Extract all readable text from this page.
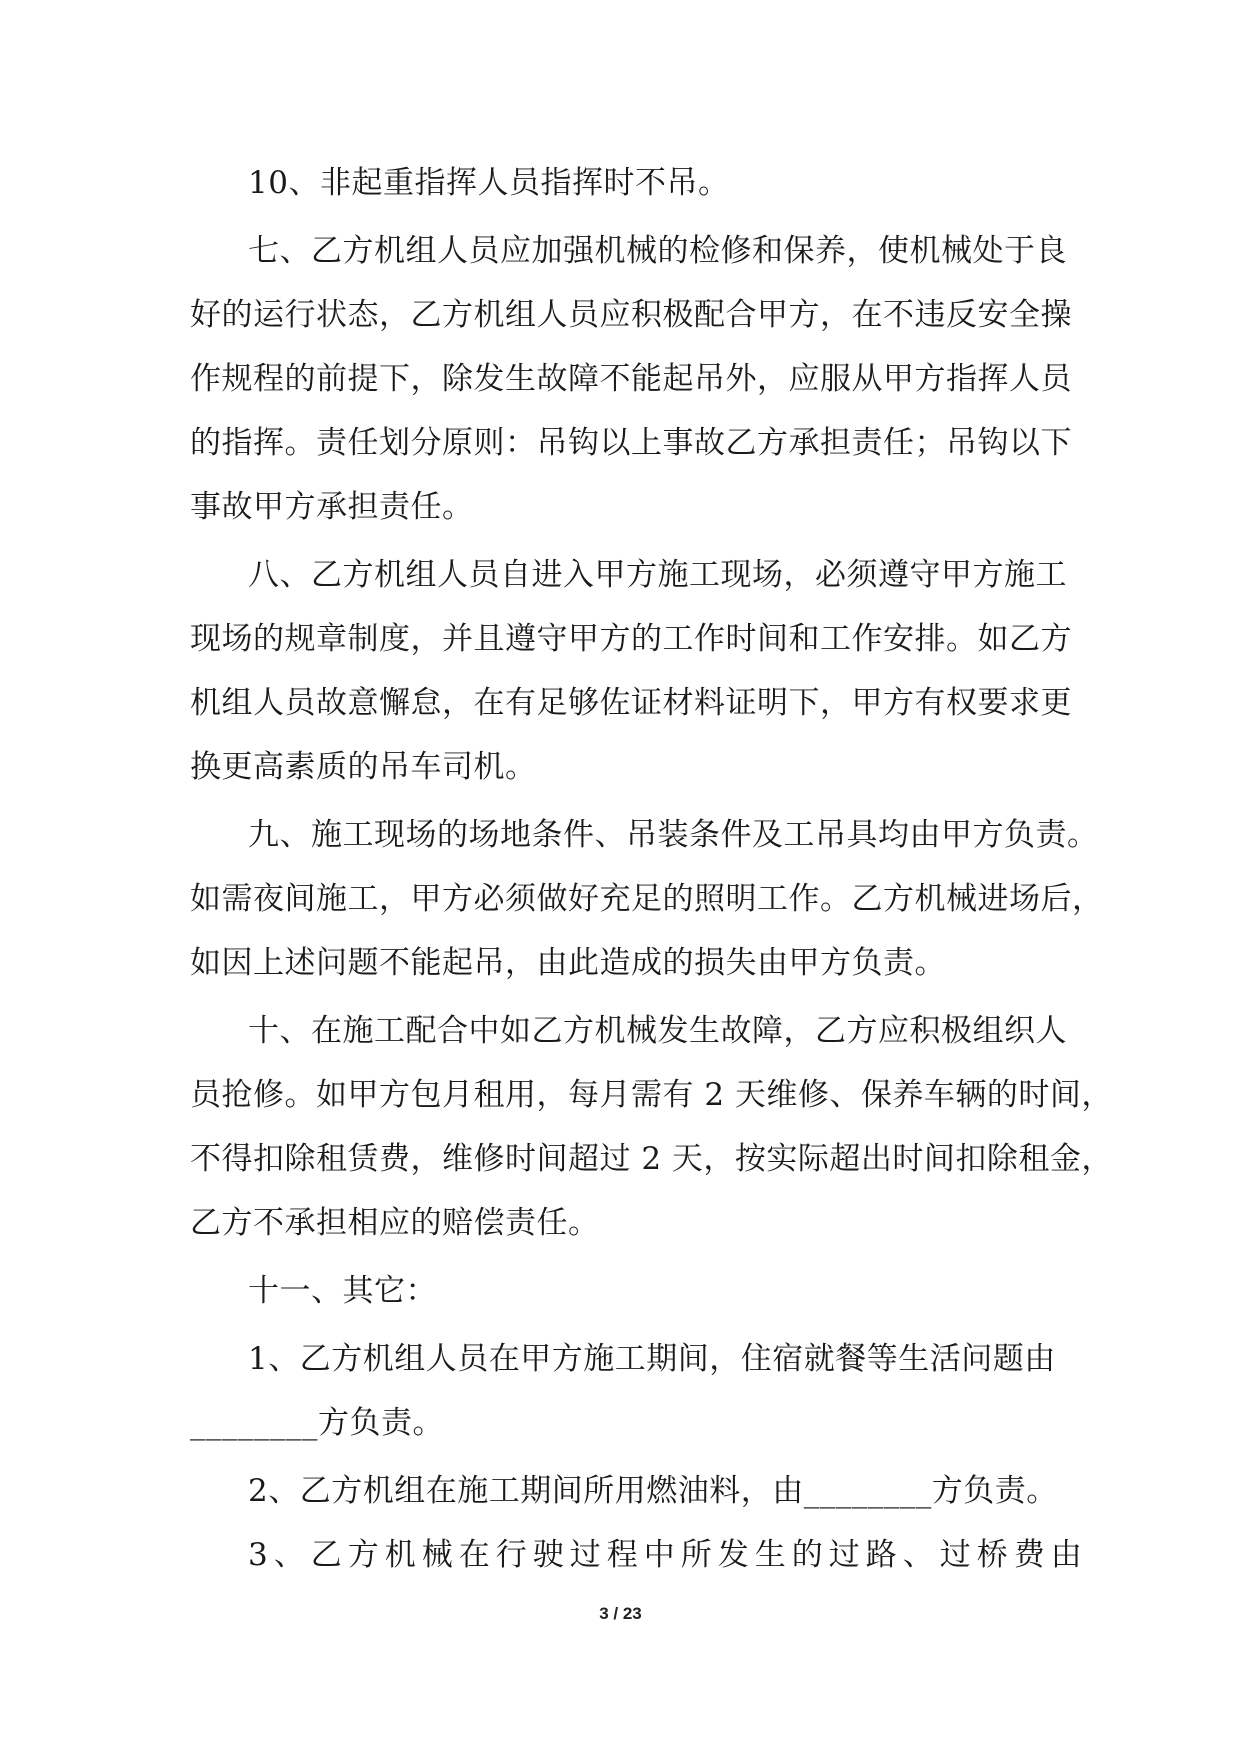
10、非起重指挥人员指挥时不吊。
七、乙方机组人员应加强机械的检修和保养，使机械处于良
好的运行状态，乙方机组人员应积极配合甲方，在不违反安全操
作规程的前提下，除发生故障不能起吊外，应服从甲方指挥人员
的指挥。责任划分原则：吊钩以上事故乙方承担责任；吊钩以下
事故甲方承担责任。
八、乙方机组人员自进入甲方施工现场，必须遵守甲方施工
现场的规章制度，并且遵守甲方的工作时间和工作安排。如乙方
机组人员故意懈怠，在有足够佐证材料证明下，甲方有权要求更
换更高素质的吊车司机。
九、施工现场的场地条件、吊装条件及工吊具均由甲方负责。
如需夜间施工，甲方必须做好充足的照明工作。乙方机械进场后，
如因上述问题不能起吊，由此造成的损失由甲方负责。
十、在施工配合中如乙方机械发生故障，乙方应积极组织人
员抢修。如甲方包月租用，每月需有 2 天维修、保养车辆的时间，
不得扣除租赁费，维修时间超过 2 天，按实际超出时间扣除租金，
乙方不承担相应的赔偿责任。
十一、其它：
1、乙方机组人员在甲方施工期间，住宿就餐等生活问题由
________方负责。
2、乙方机组在施工期间所用燃油料，由________方负责。
3、乙方机械在行驶过程中所发生的过路、过桥费由
3 / 23
